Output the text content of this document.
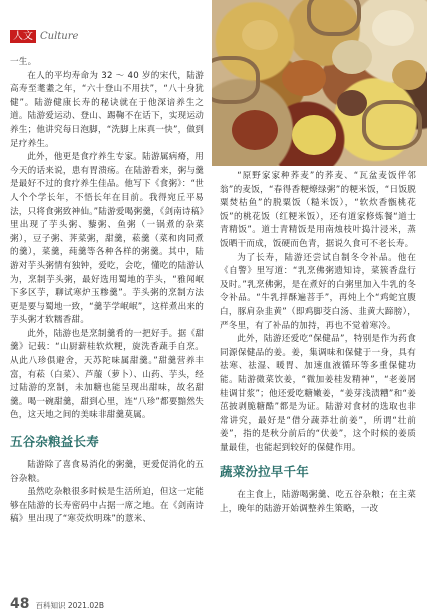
人文 Culture

一生。

在人的平均寿命为 32 ～ 40 岁的宋代，陆游高寿至耄耋之年，“六十登山不用扶”，“八十身犹健”。陆游健康长寿的秘诀就在于他深谙养生之道。陆游爱运动、登山、踢鞠不在话下，实现运动养生；他讲究每日泡脚，“洗脚上床真一快”，做到足疗养生。

此外，他更是食疗养生专家。陆游属病瘠，用今天的话来说，患有胃溃疡。在陆游看来，粥与羹是最好不过的食疗养生佳品。他写下《食粥》：“世人个个学长年，不悟长年在目前。我得宛丘平易法，只将食粥致神仙。”陆游爱喝粥羹，《剑南诗稿》里出现了芋头粥、藜粥、鱼粥（一锅煮的杂菜粥），豆子粥、荠菜粥，甜羹，菘羹（菜和肉同煮的羹），菜羹，莼羹等各种各样的粥羹。其中，陆游对芋头粥情有独钟，爱吃，会吃，懂吃的陆游认为，烹制芋头粥，最好选用蜀地的芋头，“雅闻岷下多区芋，聊试寒炉玉糁羹”。芋头粥的烹制方法更是要与蜀地一致，“羹芋学岷岷”，这样煮出来的芋头粥才软糯香甜。

此外，陆游也是烹制羹肴的一把好手。据《甜羹》记载：“山厨薪桂软炊粳，旋洗香蔬手自烹。从此八珍俱避舍，天苏陀味属甜羹。”甜羹营养丰富，有菘（白菜）、芦菔（萝卜）、山药、芋头，经过陆游的烹制，未加糖也能呈现出甜味，故名甜羹。喝一碗甜羹，甜到心里，连“八珍”都要黯然失色，这天地之间的美味非甜羹莫属。

五谷杂粮益长寿

陆游除了喜食易消化的粥羹，更爱促消化的五谷杂粮。

虽然吃杂粮很多时候是生活所迫，但这一定能够在陆游的长寿密码中占据一席之地。在《剑南诗稿》里出现了“寒荧炊明珠”的薏米、

“原野家家种荞麦”的荞麦、“瓦盆麦饭伴邻翁”的麦饭，“春得香粳燎绿粥”的粳米饭，“日饭脱粟焚枯鱼”的脱粟饭（糙米饭），“软炊香甑桃花饭”的桃花饭（红粳米饭），还有道家修炼餐“道士青精饭”。道士青精饭是用南烛枝叶捣汁浸米，蒸饭晒干而成，饭硬而色青，据说久食可不老长寿。

为了长寿，陆游还尝试自制冬令补品。他在《自警》里写道：“乳烹佛粥遗知诗，菜簇香盘行及时。”乳烹佛粥，是在煮好的白粥里加入牛乳的冬令补品。“牛乳拌酥遍菩手”，再炖上个“鸡蛇宜腹白，豚肩杂韭黄”（即鸡脚茭白汤、韭黄大蹄膀），严冬里，有了补品的加持，再也不觉着寒冷。

此外，陆游还爱吃“保健品”，特别是作为药食同源保健品的姜。姜，集调味和保健于一身，具有祛寒、祛湿、暖胃、加速血液循环等多重保健功能。陆游微菜饮姜，“微加姜桂发精神”，“老姜屑桂调甘浆”；他还爱吃糖嫩姜，“姜芽浅渍糟”和“姜茁披剥脆糖酷”都是为证。陆游对食材的选取也非常讲究，最好是“借分蔬莽壮前姜”，所谓“壮前姜”，指的是秋分前后的“伏姜”，这个时候的姜质量最佳，也能起到较好的保健作用。

蔬菜汾拉早千年

在主食上，陆游喝粥羹、吃五谷杂粮；在主菜上，晚年的陆游开始调整养生策略，一改

48 百科知识 2021.02B
